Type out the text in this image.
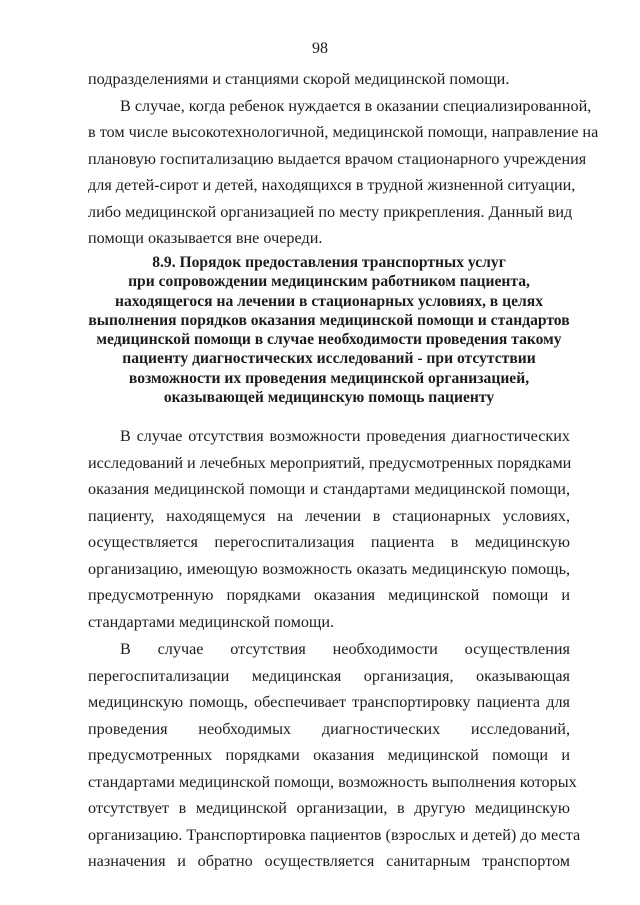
98
подразделениями и станциями скорой медицинской помощи.
В случае, когда ребенок нуждается в оказании специализированной,
в том числе высокотехнологичной, медицинской помощи, направление на
плановую госпитализацию выдается врачом стационарного учреждения
для детей-сирот и детей, находящихся в трудной жизненной ситуации,
либо медицинской организацией по месту прикрепления. Данный вид
помощи оказывается вне очереди.
8.9. Порядок предоставления транспортных услуг
при сопровождении медицинским работником пациента,
находящегося на лечении в стационарных условиях, в целях
выполнения порядков оказания медицинской помощи и стандартов
медицинской помощи в случае необходимости проведения такому
пациенту диагностических исследований - при отсутствии
возможности их проведения медицинской организацией,
оказывающей медицинскую помощь пациенту
В случае отсутствия возможности проведения диагностических
исследований и лечебных мероприятий, предусмотренных порядками
оказания медицинской помощи и стандартами медицинской помощи,
пациенту, находящемуся на лечении в стационарных условиях,
осуществляется перегоспитализация пациента в медицинскую
организацию, имеющую возможность оказать медицинскую помощь,
предусмотренную порядками оказания медицинской помощи и
стандартами медицинской помощи.
В случае отсутствия необходимости осуществления
перегоспитализации медицинская организация, оказывающая
медицинскую помощь, обеспечивает транспортировку пациента для
проведения необходимых диагностических исследований,
предусмотренных порядками оказания медицинской помощи и
стандартами медицинской помощи, возможность выполнения которых
отсутствует в медицинской организации, в другую медицинскую
организацию. Транспортировка пациентов (взрослых и детей) до места
назначения и обратно осуществляется санитарным транспортом
